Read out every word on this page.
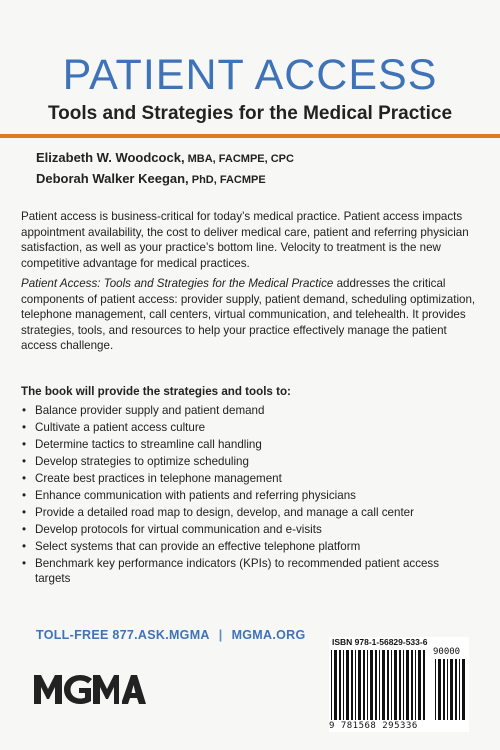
PATIENT ACCESS
Tools and Strategies for the Medical Practice
Elizabeth W. Woodcock, MBA, FACMPE, CPC
Deborah Walker Keegan, PhD, FACMPE

Patient access is business-critical for today’s medical practice. Patient access impacts appointment availability, the cost to deliver medical care, patient and referring physician satisfaction, as well as your practice’s bottom line. Velocity to treatment is the new competitive advantage for medical practices.

Patient Access: Tools and Strategies for the Medical Practice addresses the critical components of patient access: provider supply, patient demand, scheduling optimization, telephone management, call centers, virtual communication, and telehealth. It provides strategies, tools, and resources to help your practice effectively manage the patient access challenge.

The book will provide the strategies and tools to:
• Balance provider supply and patient demand
• Cultivate a patient access culture
• Determine tactics to streamline call handling
• Develop strategies to optimize scheduling
• Create best practices in telephone management
• Enhance communication with patients and referring physicians
• Provide a detailed road map to design, develop, and manage a call center
• Develop protocols for virtual communication and e-visits
• Select systems that can provide an effective telephone platform
• Benchmark key performance indicators (KPIs) to recommended patient access targets
TOLL-FREE 877.ASK.MGMA | MGMA.ORG	ISBN 978-1-56829-533-6
90000
9 781568 295336
